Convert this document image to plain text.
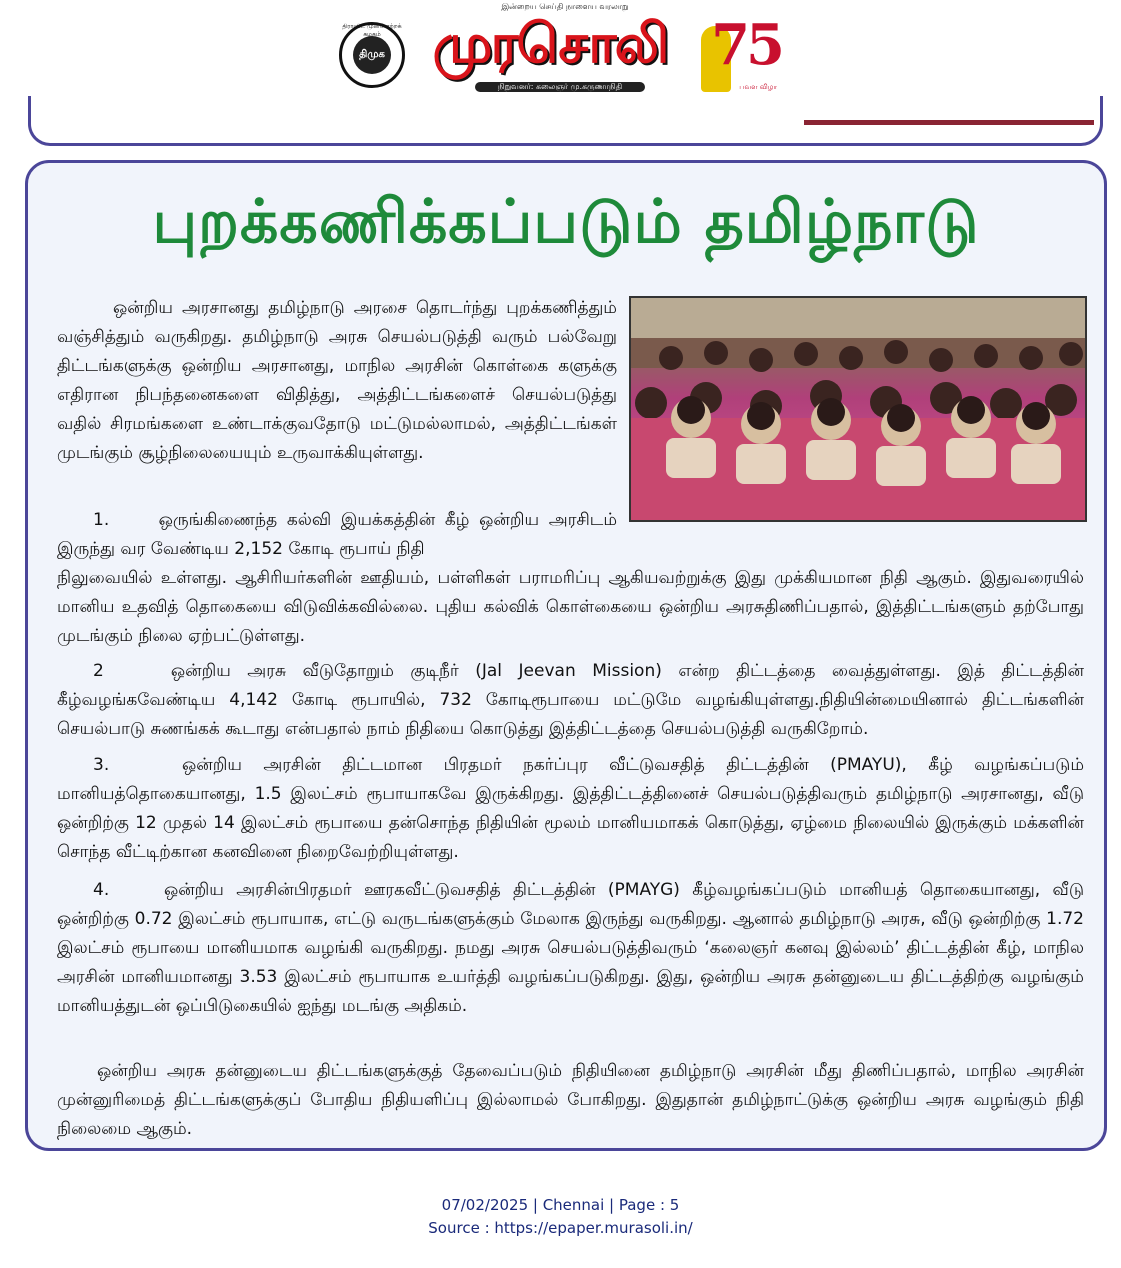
இன்றைய செய்தி நாளைய வரலாறு
திராவிட முன்னேற்றக் கழகம்
திமுக முரசொலி
நிறுவனர்: கலைஞர் மு.கருணாநிதி
75
பவள விழா
புறக்கணிக்கப்படும் தமிழ்நாடு
ஒன்றிய அரசானது தமிழ்நாடு அரசை தொடர்ந்து புறக்கணித்தும் வஞ்சித்தும் வருகிறது. தமிழ்நாடு அரசு செயல்படுத்தி வரும் பல்வேறு திட்டங்களுக்கு ஒன்றிய அரசானது, மாநில அரசின் கொள்கை களுக்கு எதிரான நிபந்தனைகளை விதித்து, அத்திட்டங்களைச் செயல்படுத்து வதில் சிரமங்களை உண்டாக்குவதோடு மட்டுமல்லாமல், அத்திட்டங்கள் முடங்கும் சூழ்நிலையையும் உருவாக்கியுள்ளது.
1.	ஒருங்கிணைந்த கல்வி இயக்கத்தின் கீழ் ஒன்றிய அரசிடம் இருந்து வர வேண்டிய 2,152 கோடி ரூபாய் நிதி
நிலுவையில் உள்ளது. ஆசிரியர்களின் ஊதியம், பள்ளிகள் பராமரிப்பு ஆகியவற்றுக்கு இது முக்கியமான நிதி ஆகும். இதுவரையில் மானிய உதவித் தொகையை விடுவிக்கவில்லை. புதிய கல்விக் கொள்கையை ஒன்றிய அரசுதிணிப்பதால், இத்திட்டங்களும் தற்போது முடங்கும் நிலை ஏற்பட்டுள்ளது.
2	ஒன்றிய அரசு வீடுதோறும் குடிநீர் (Jal Jeevan Mission) என்ற திட்டத்தை வைத்துள்ளது. இத் திட்டத்தின் கீழ்வழங்கவேண்டிய 4,142 கோடி ரூபாயில், 732 கோடிரூபாயை மட்டுமே வழங்கியுள்ளது.நிதியின்மையினால் திட்டங்களின் செயல்பாடு சுணங்கக் கூடாது என்பதால் நாம் நிதியை கொடுத்து இத்திட்டத்தை செயல்படுத்தி வருகிறோம்.
3.	ஒன்றிய அரசின் திட்டமான பிரதமர் நகர்ப்புர வீட்டுவசதித் திட்டத்தின் (PMAYU), கீழ் வழங்கப்படும் மானியத்தொகையானது, 1.5 இலட்சம் ரூபாயாகவே இருக்கிறது. இத்திட்டத்தினைச் செயல்படுத்திவரும் தமிழ்நாடு அரசானது, வீடு ஒன்றிற்கு 12 முதல் 14 இலட்சம் ரூபாயை தன்சொந்த நிதியின் மூலம் மானியமாகக் கொடுத்து, ஏழ்மை நிலையில் இருக்கும் மக்களின் சொந்த வீட்டிற்கான கனவினை நிறைவேற்றியுள்ளது.
4.	ஒன்றிய அரசின்பிரதமர் ஊரகவீட்டுவசதித் திட்டத்தின் (PMAYG) கீழ்வழங்கப்படும் மானியத் தொகையானது, வீடு ஒன்றிற்கு 0.72 இலட்சம் ரூபாயாக, எட்டு வருடங்களுக்கும் மேலாக இருந்து வருகிறது. ஆனால் தமிழ்நாடு அரசு, வீடு ஒன்றிற்கு 1.72 இலட்சம் ரூபாயை மானியமாக வழங்கி வருகிறது. நமது அரசு செயல்படுத்திவரும் ‘கலைஞர் கனவு இல்லம்’ திட்டத்தின் கீழ், மாநில அரசின் மானியமானது 3.53 இலட்சம் ரூபாயாக உயர்த்தி வழங்கப்படுகிறது. இது, ஒன்றிய அரசு தன்னுடைய திட்டத்திற்கு வழங்கும் மானியத்துடன் ஒப்பிடுகையில் ஐந்து மடங்கு அதிகம்.
ஒன்றிய அரசு தன்னுடைய திட்டங்களுக்குத் தேவைப்படும் நிதியினை தமிழ்நாடு அரசின் மீது திணிப்பதால், மாநில அரசின் முன்னுரிமைத் திட்டங்களுக்குப் போதிய நிதியளிப்பு இல்லாமல் போகிறது. இதுதான் தமிழ்நாட்டுக்கு ஒன்றிய அரசு வழங்கும் நிதி நிலைமை ஆகும்.
07/02/2025 | Chennai | Page : 5
Source : https://epaper.murasoli.in/
